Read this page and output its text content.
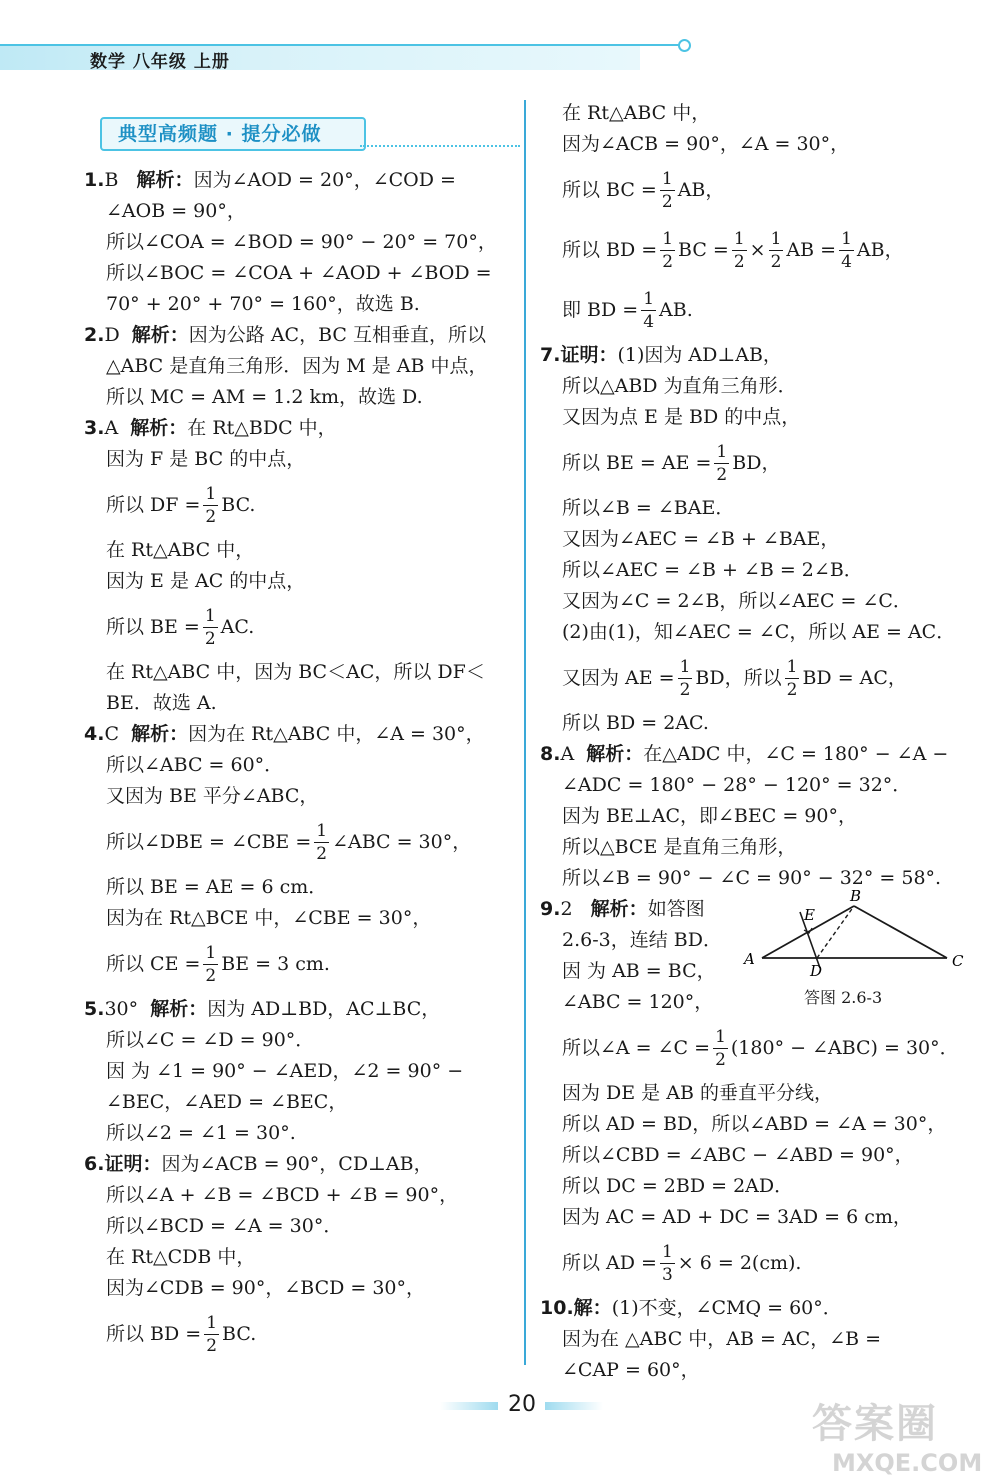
数学 八年级 上册
典型高频题 · 提分必做
1.B 解析：因为∠AOD = 20°，∠COD =
∠AOB = 90°，
所以∠COA = ∠BOD = 90° − 20° = 70°，
所以∠BOC = ∠COA + ∠AOD + ∠BOD =
70° + 20° + 70° = 160°，故选 B.
2.D 解析：因为公路 AC，BC 互相垂直，所以
△ABC 是直角三角形．因为 M 是 AB 中点，
所以 MC = AM = 1.2 km，故选 D.
3.A 解析：在 Rt△BDC 中，
因为 F 是 BC 的中点，
所以 DF = $\frac{1}{2}$ BC.
在 Rt△ABC 中，
因为 E 是 AC 的中点，
所以 BE = $\frac{1}{2}$ AC.
在 Rt△ABC 中，因为 BC＜AC，所以 DF＜
BE．故选 A.
4.C 解析：因为在 Rt△ABC 中，∠A = 30°，
所以∠ABC = 60°．
又因为 BE 平分∠ABC，
所以∠DBE = ∠CBE = $\frac{1}{2}$ ∠ABC = 30°，
所以 BE = AE = 6 cm．
因为在 Rt△BCE 中，∠CBE = 30°，
所以 CE = $\frac{1}{2}$ BE = 3 cm.
5.30° 解析：因为 AD⊥BD，AC⊥BC，
所以∠C = ∠D = 90°．
因 为 ∠1 = 90° − ∠AED，∠2 = 90° −
∠BEC，∠AED = ∠BEC，
所以∠2 = ∠1 = 30°.
6.证明：因为∠ACB = 90°，CD⊥AB，
所以∠A + ∠B = ∠BCD + ∠B = 90°，
所以∠BCD = ∠A = 30°．
在 Rt△CDB 中，
因为∠CDB = 90°，∠BCD = 30°，
所以 BD = $\frac{1}{2}$ BC.
在 Rt△ABC 中，
因为∠ACB = 90°，∠A = 30°，
所以 BC = $\frac{1}{2}$ AB，
所以 BD = $\frac{1}{2}$ BC = $\frac{1}{2} \times \frac{1}{2}$ AB = $\frac{1}{4}$ AB，
即 BD = $\frac{1}{4}$ AB.
7.证明：(1)因为 AD⊥AB，
所以△ABD 为直角三角形．
又因为点 E 是 BD 的中点，
所以 BE = AE = $\frac{1}{2}$ BD，
所以∠B = ∠BAE．
又因为∠AEC = ∠B + ∠BAE，
所以∠AEC = ∠B + ∠B = 2∠B．
又因为∠C = 2∠B，所以∠AEC = ∠C．
(2)由(1)，知∠AEC = ∠C，所以 AE = AC．
又因为 AE = $\frac{1}{2}$ BD，所以 $\frac{1}{2}$ BD = AC，
所以 BD = 2AC.
8.A 解析：在△ADC 中，∠C = 180° − ∠A −
∠ADC = 180° − 28° − 120° = 32°．
因为 BE⊥AC，即∠BEC = 90°，
所以△BCE 是直角三角形，
所以∠B = 90° − ∠C = 90° − 32° = 58°.
9.2 解析：如答图
2.6-3，连结 BD．
因 为 AB = BC，
∠ABC = 120°，
所以∠A = ∠C = $\frac{1}{2} (180^\circ$ − ∠ABC) = 30°．
因为 DE 是 AB 的垂直平分线，
所以 AD = BD，所以∠ABD = ∠A = 30°，
所以∠CBD = ∠ABC − ∠ABD = 90°，
所以 DC = 2BD = 2AD．
因为 AC = AD + DC = 3AD = 6 cm，
所以 AD = $\frac{1}{3} \times 6 = 2(cm)$.
10.解：(1)不变，∠CMQ = 60°．
因为在 △ABC 中，AB = AC，∠B =
∠CAP = 60°，
A
B
C
D
E
答图 2.6-3
20	答案圈
MXQE.COM
